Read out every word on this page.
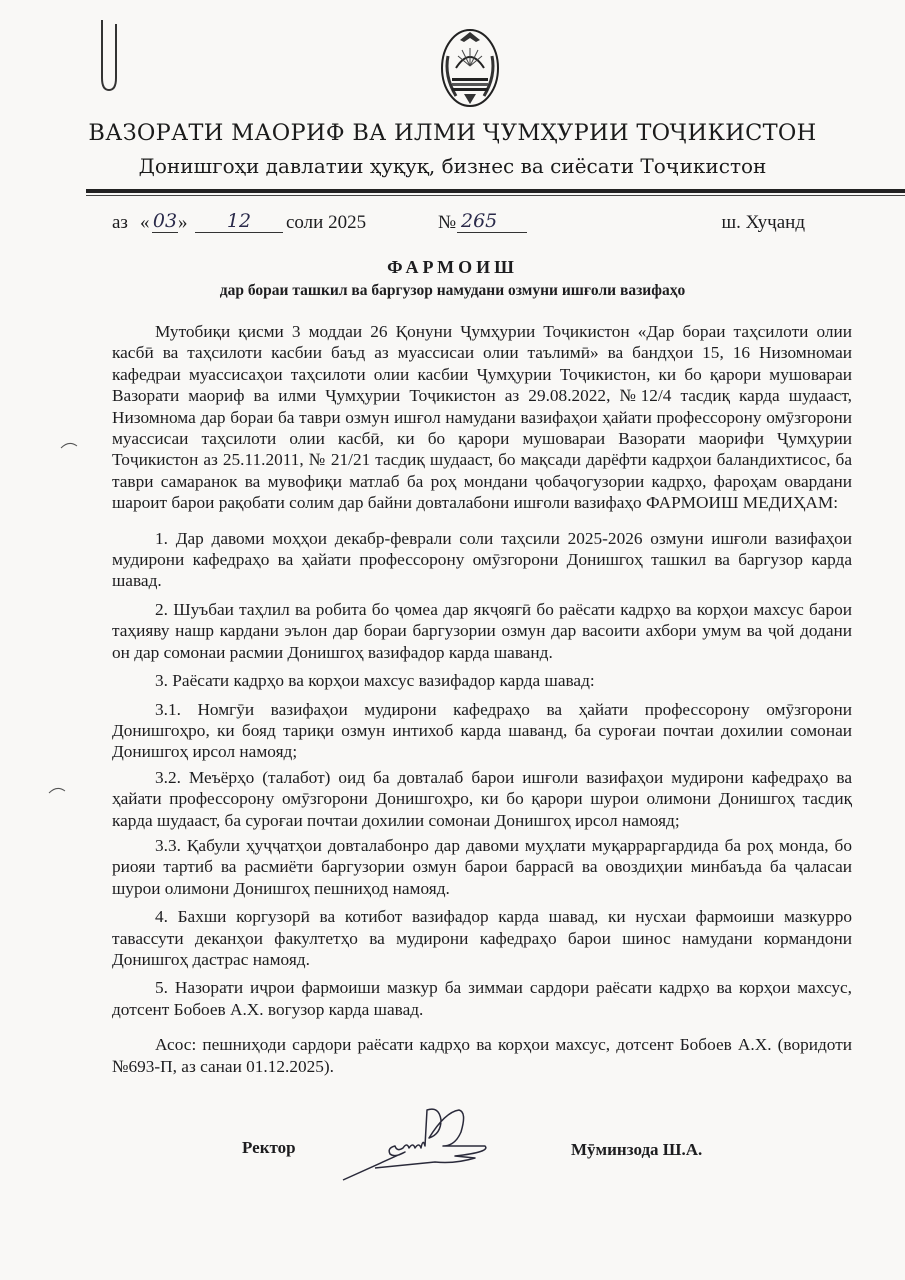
ВАЗОРАТИ МАОРИФ ВА ИЛМИ ҶУМҲУРИИ ТОҶИКИСТОН
Донишгоҳи давлатии ҳуқуқ, бизнес ва сиёсати Тоҷикистон
аз « 03 »	12	соли 2025	№ 265	ш. Хуҷанд
ФАРМОИШ
дар бораи ташкил ва баргузор намудани озмуни ишғоли вазифаҳо

Мутобиқи қисми 3 моддаи 26 Қонуни Ҷумҳурии Тоҷикистон «Дар бораи таҳсилоти олии касбӣ ва таҳсилоти касбии баъд аз муассисаи олии таълимӣ» ва бандҳои 15, 16 Низомномаи кафедраи муассисаҳои таҳсилоти олии касбии Ҷумҳурии Тоҷикистон, ки бо қарори мушовараи Вазорати маориф ва илми Ҷумҳурии Тоҷикистон аз 29.08.2022, №12/4 тасдиқ карда шудааст, Низомнома дар бораи ба таври озмун ишғол намудани вазифаҳои ҳайати профессорону омӯзгорони муассисаи таҳсилоти олии касбӣ, ки бо қарори мушовараи Вазорати маорифи Ҷумҳурии Тоҷикистон аз 25.11.2011, № 21/21 тасдиқ шудааст, бо мақсади дарёфти кадрҳои баландихтисос, ба таври самаранок ва мувофиқи матлаб ба роҳ мондани ҷобаҷогузории кадрҳо, фароҳам овардани шароит барои рақобати солим дар байни довталабони ишғоли вазифаҳо ФАРМОИШ МЕДИҲАМ:

1. Дар давоми моҳҳои декабр-феврали соли таҳсили 2025-2026 озмуни ишғоли вазифаҳои мудирони кафедраҳо ва ҳайати профессорону омӯзгорони Донишгоҳ ташкил ва баргузор карда шавад.

2. Шуъбаи таҳлил ва робита бо ҷомеа дар якҷоягӣ бо раёсати кадрҳо ва корҳои махсус барои таҳияву нашр кардани эълон дар бораи баргузории озмун дар васоити ахбори умум ва ҷой додани он дар сомонаи расмии Донишгоҳ вазифадор карда шаванд.

3. Раёсати кадрҳо ва корҳои махсус вазифадор карда шавад:

3.1. Номгӯи вазифаҳои мудирони кафедраҳо ва ҳайати профессорону омӯзгорони Донишгоҳро, ки бояд тариқи озмун интихоб карда шаванд, ба суроғаи почтаи дохилии сомонаи Донишгоҳ ирсол намояд;

3.2. Меъёрҳо (талабот) оид ба довталаб барои ишғоли вазифаҳои мудирони кафедраҳо ва ҳайати профессорону омӯзгорони Донишгоҳро, ки бо қарори шурои олимони Донишгоҳ тасдиқ карда шудааст, ба суроғаи почтаи дохилии сомонаи Донишгоҳ ирсол намояд;

3.3. Қабули ҳуҷҷатҳои довталабонро дар давоми муҳлати муқарраргардида ба роҳ монда, бо риояи тартиб ва расмиёти баргузории озмун барои баррасӣ ва овоздиҳии минбаъда ба ҷаласаи шурои олимони Донишгоҳ пешниҳод намояд.

4. Бахши коргузорӣ ва котибот вазифадор карда шавад, ки нусхаи фармоиши мазкурро тавассути деканҳои факултетҳо ва мудирони кафедраҳо барои шинос намудани кормандони Донишгоҳ дастрас намояд.

5. Назорати иҷрои фармоиши мазкур ба зиммаи сардори раёсати кадрҳо ва корҳои махсус, дотсент Бобоев А.Х. вогузор карда шавад.

Асос: пешниҳоди сардори раёсати кадрҳо ва корҳои махсус, дотсент Бобоев А.Х. (воридоти №693-П, аз санаи 01.12.2025).

Ректор	Мӯминзода Ш.А.
